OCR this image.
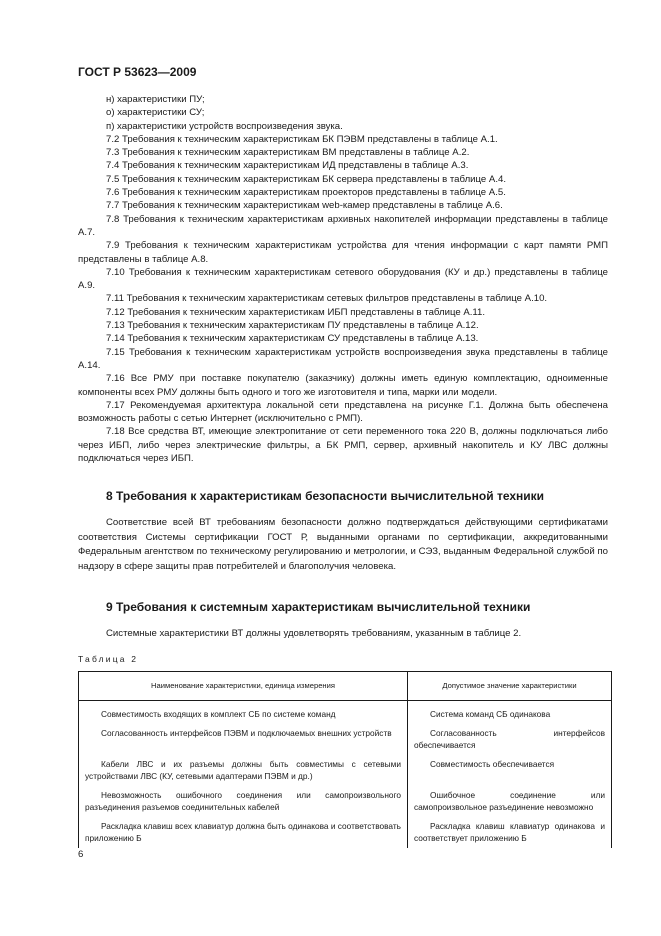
ГОСТ Р 53623—2009

н) характеристики ПУ;

о) характеристики СУ;

п) характеристики устройств воспроизведения звука.

7.2 Требования к техническим характеристикам БК ПЭВМ представлены в таблице А.1.

7.3 Требования к техническим характеристикам ВМ представлены в таблице А.2.

7.4 Требования к техническим характеристикам ИД представлены в таблице А.3.

7.5 Требования к техническим характеристикам БК сервера представлены в таблице А.4.

7.6 Требования к техническим характеристикам проекторов представлены в таблице А.5.

7.7 Требования к техническим характеристикам web-камер представлены в таблице А.6.

7.8 Требования к техническим характеристикам архивных накопителей информации представлены в таблице А.7.

7.9 Требования к техническим характеристикам устройства для чтения информации с карт памяти РМП представлены в таблице А.8.

7.10 Требования к техническим характеристикам сетевого оборудования (КУ и др.) представлены в таблице А.9.

7.11 Требования к техническим характеристикам сетевых фильтров представлены в таблице А.10.

7.12 Требования к техническим характеристикам ИБП представлены в таблице А.11.

7.13 Требования к техническим характеристикам ПУ представлены в таблице А.12.

7.14 Требования к техническим характеристикам СУ представлены в таблице А.13.

7.15 Требования к техническим характеристикам устройств воспроизведения звука представлены в таблице А.14.

7.16 Все РМУ при поставке покупателю (заказчику) должны иметь единую комплектацию, одноименные компоненты всех РМУ должны быть одного и того же изготовителя и типа, марки или модели.

7.17 Рекомендуемая архитектура локальной сети представлена на рисунке Г.1. Должна быть обеспечена возможность работы с сетью Интернет (исключительно с РМП).

7.18 Все средства ВТ, имеющие электропитание от сети переменного тока 220 В, должны подключаться либо через ИБП, либо через электрические фильтры, а БК РМП, сервер, архивный накопитель и КУ ЛВС должны подключаться через ИБП.

8 Требования к характеристикам безопасности вычислительной техники
Соответствие всей ВТ требованиям безопасности должно подтверждаться действующими сертификатами соответствия Системы сертификации ГОСТ Р, выданными органами по сертификации, аккредитованными Федеральным агентством по техническому регулированию и метрологии, и СЭЗ, выданным Федеральной службой по надзору в сфере защиты прав потребителей и благополучия человека.
9 Требования к системным характеристикам вычислительной техники
Системные характеристики ВТ должны удовлетворять требованиям, указанным в таблице 2.
Таблица 2
Наименование характеристики, единица измерения	Допустимое значение характеристики

Совместимость входящих в комплект СБ по системе команд	Система команд СБ одинакова

Согласованность интерфейсов ПЭВМ и подключаемых внешних устройств	Согласованность интерфейсов обеспечивается

Кабели ЛВС и их разъемы должны быть совместимы с сетевыми устройствами ЛВС (КУ, сетевыми адаптерами ПЭВМ и др.)	Совместимость обеспечивается

Невозможность ошибочного соединения или самопроизвольного разъединения разъемов соединительных кабелей	Ошибочное соединение или самопроизвольное разъединение невозможно

Раскладка клавиш всех клавиатур должна быть одинакова и соответствовать приложению Б	Раскладка клавиш клавиатур одинакова и соответствует приложению Б
6
